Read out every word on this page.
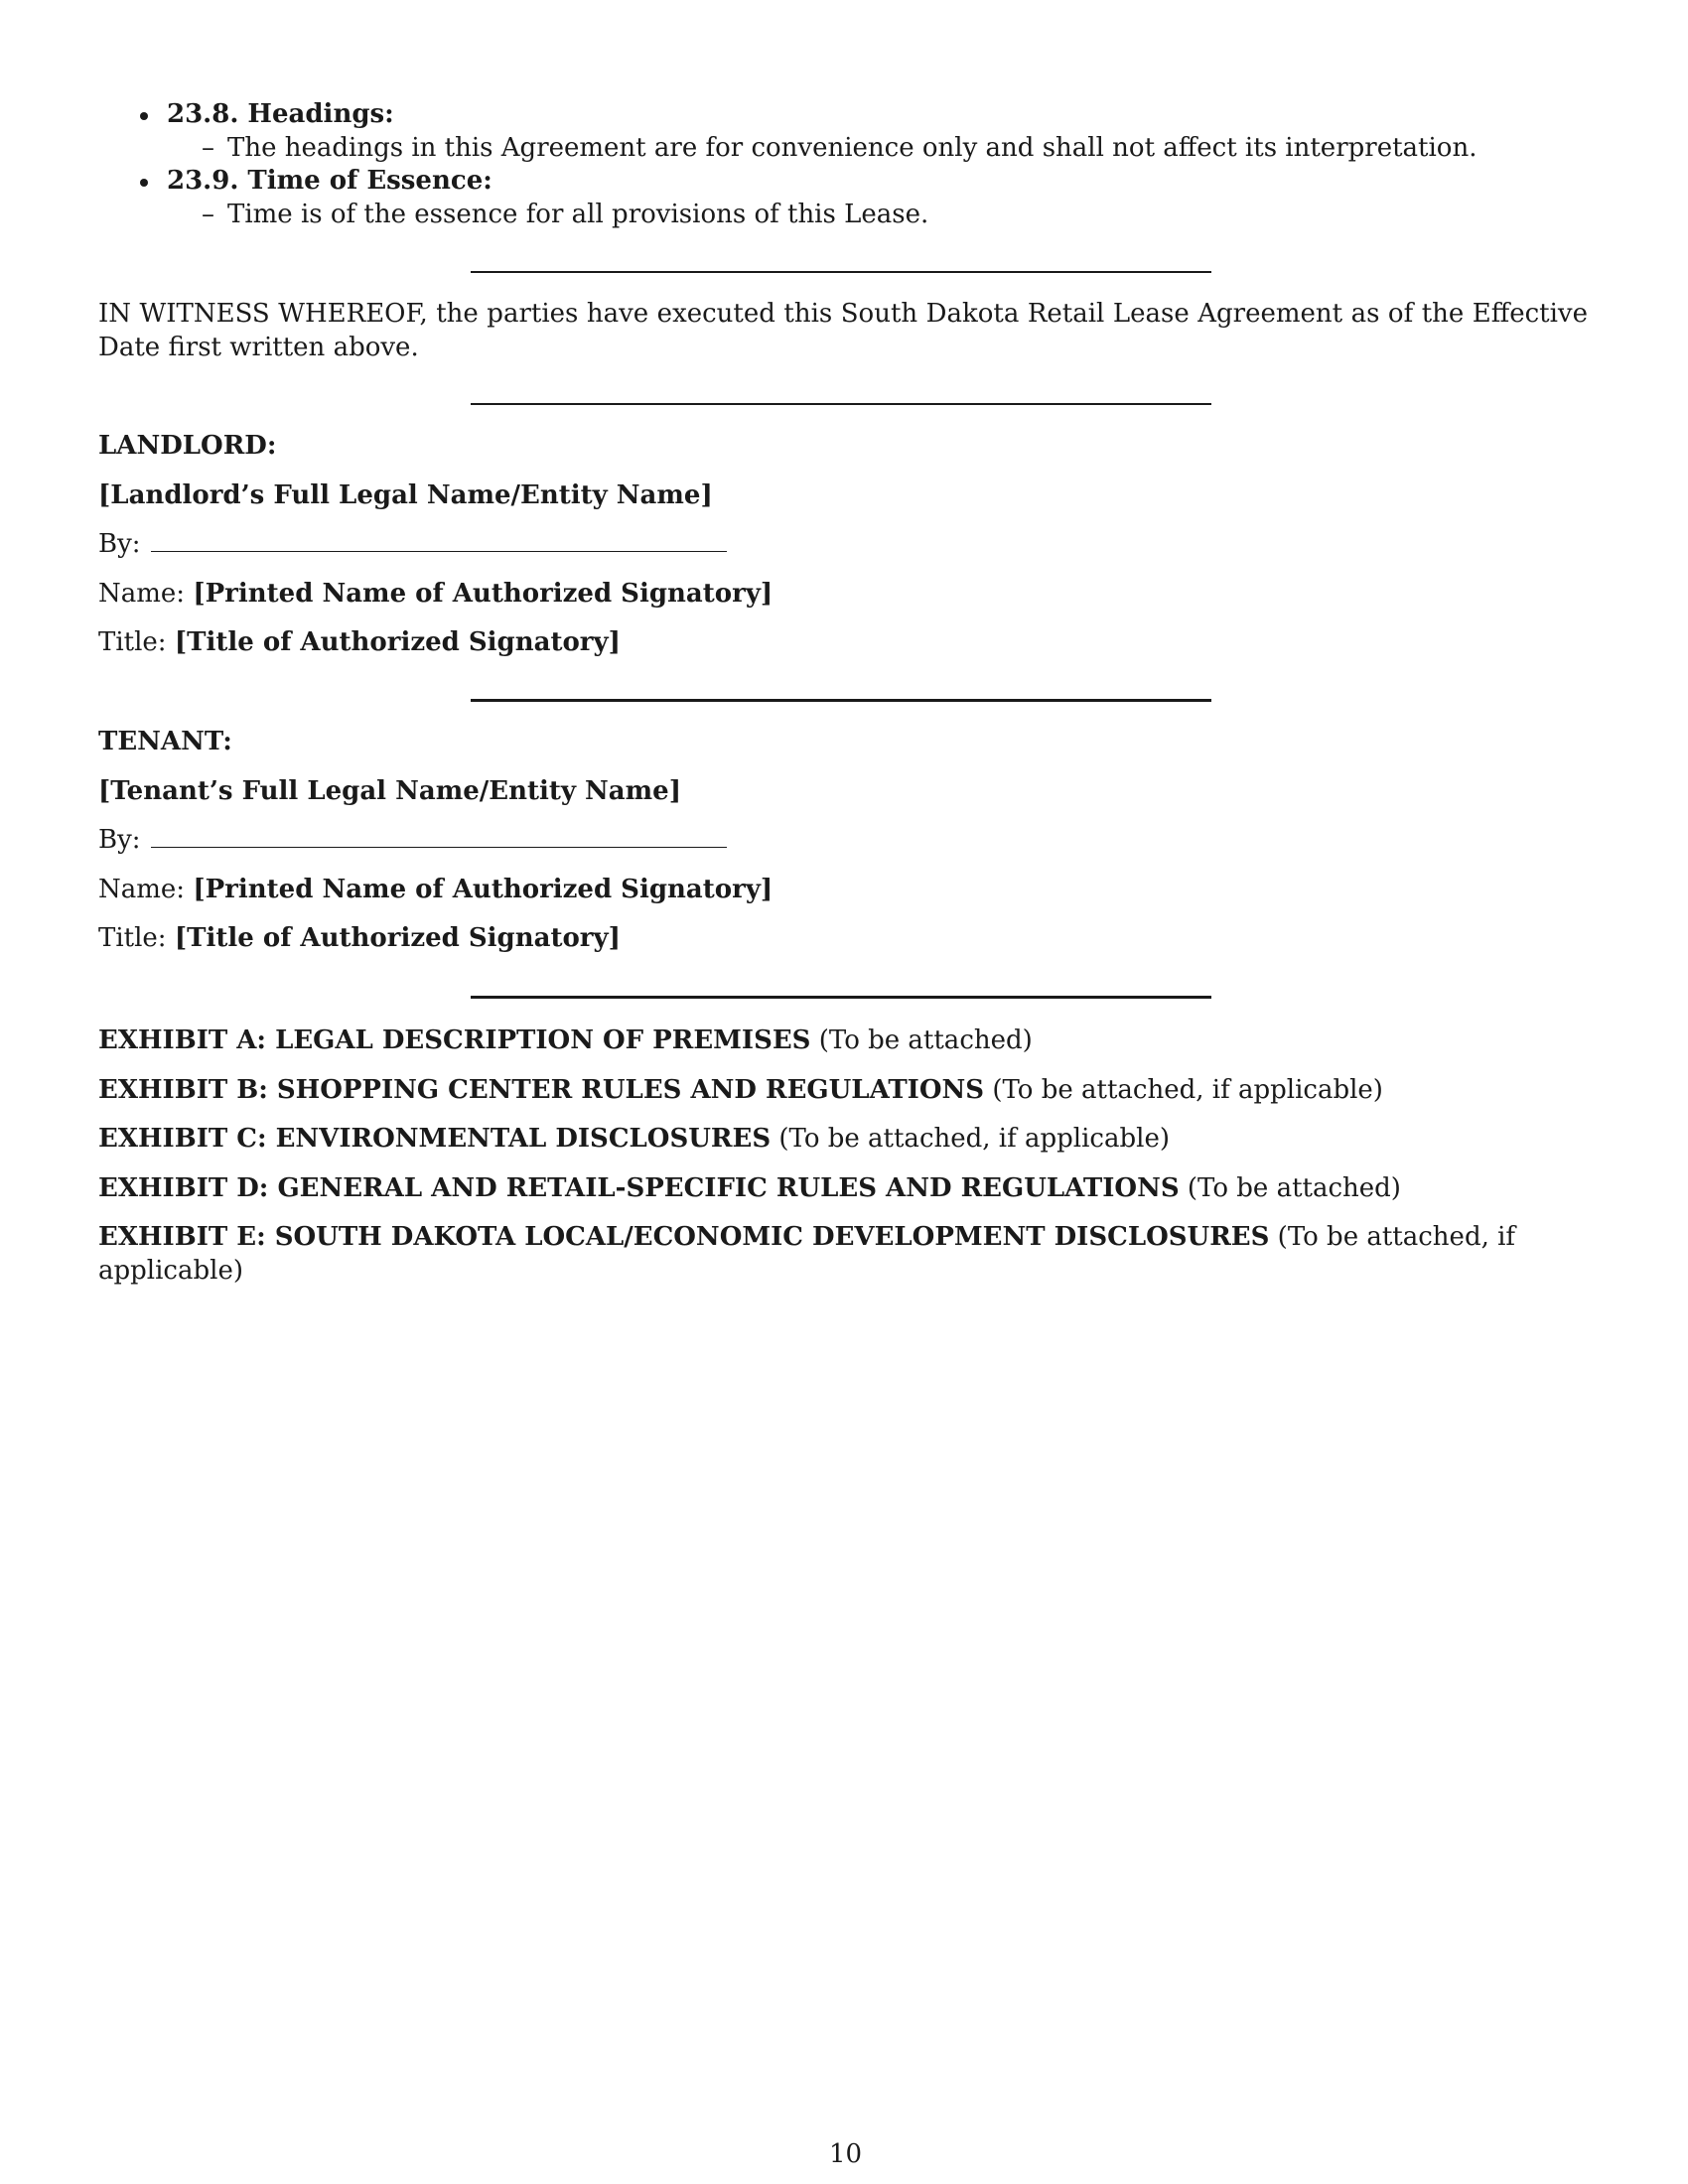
23.8. Headings:
– The headings in this Agreement are for convenience only and shall not affect its interpretation.
23.9. Time of Essence:
– Time is of the essence for all provisions of this Lease.
IN WITNESS WHEREOF, the parties have executed this South Dakota Retail Lease Agreement as of the Effective Date first written above.
LANDLORD:
[Landlord’s Full Legal Name/Entity Name]
By:
Name: [Printed Name of Authorized Signatory]
Title: [Title of Authorized Signatory]
TENANT:
[Tenant’s Full Legal Name/Entity Name]
By:
Name: [Printed Name of Authorized Signatory]
Title: [Title of Authorized Signatory]
EXHIBIT A: LEGAL DESCRIPTION OF PREMISES (To be attached)
EXHIBIT B: SHOPPING CENTER RULES AND REGULATIONS (To be attached, if applicable)
EXHIBIT C: ENVIRONMENTAL DISCLOSURES (To be attached, if applicable)
EXHIBIT D: GENERAL AND RETAIL-SPECIFIC RULES AND REGULATIONS (To be attached)
EXHIBIT E: SOUTH DAKOTA LOCAL/ECONOMIC DEVELOPMENT DISCLOSURES (To be attached, if applicable)
10
